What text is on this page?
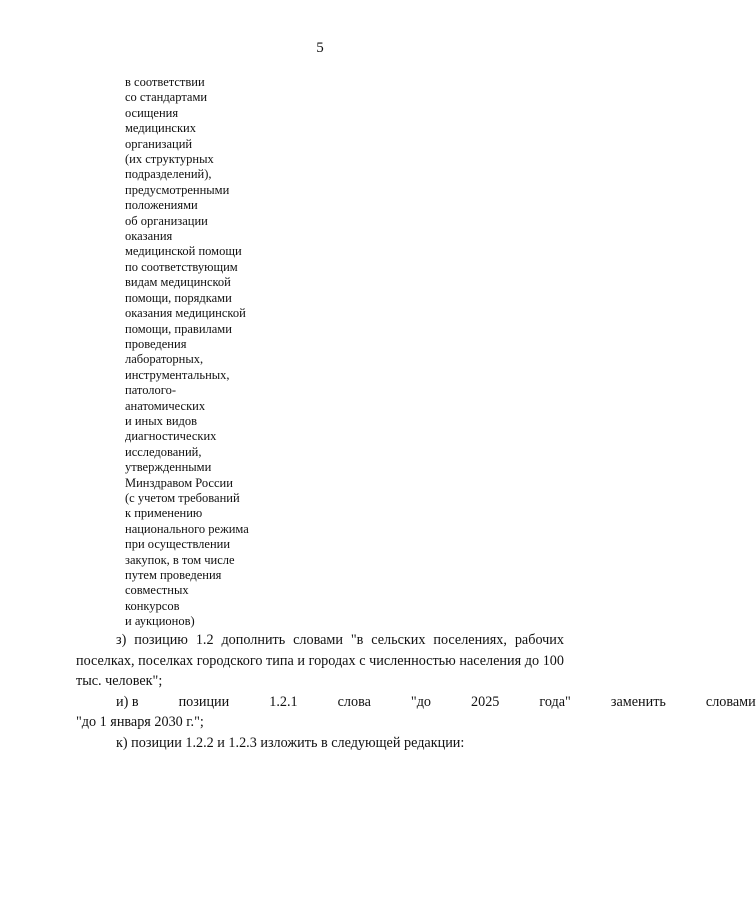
5
в соответствии
со стандартами
осищения
медицинских
организаций
(их структурных
подразделений),
предусмотренными
положениями
об организации
оказания
медицинской помощи
по соответствующим
видам медицинской
помощи, порядками
оказания медицинской
помощи, правилами
проведения
лабораторных,
инструментальных,
патолого-
анатомических
и иных видов
диагностических
исследований,
утвержденными
Минздравом России
(с учетом требований
к применению
национального режима
при осуществлении
закупок, в том числе
путем проведения
совместных
конкурсов
и аукционов)

з) позицию 1.2 дополнить словами "в сельских поселениях, рабочих поселках, поселках городского типа и городах с численностью населения до 100 тыс. человек";

и) в	позиции	1.2.1	слова	"до	2025	года"	заменить	словами

"до 1 января 2030 г.";

к) позиции 1.2.2 и 1.2.3 изложить в следующей редакции:
